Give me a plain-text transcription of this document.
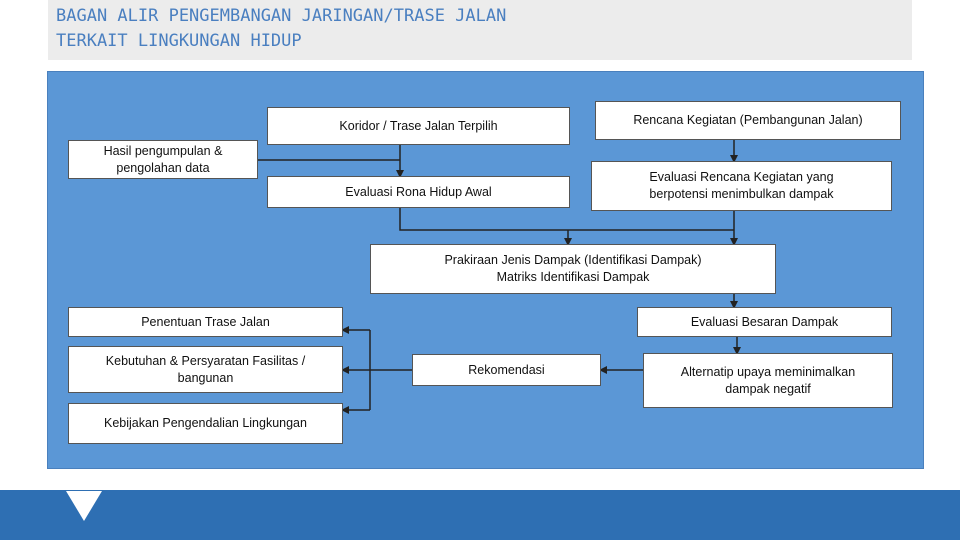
BAGAN ALIR PENGEMBANGAN JARINGAN/TRASE JALAN
TERKAIT LINGKUNGAN HIDUP
Koridor / Trase Jalan Terpilih	Rencana Kegiatan (Pembangunan Jalan)
Hasil pengumpulan &
pengolahan data
Evaluasi Rona Hidup Awal
Evaluasi Rencana Kegiatan yang
berpotensi menimbulkan dampak
Prakiraan Jenis Dampak (Identifikasi Dampak)
Matriks Identifikasi Dampak
Penentuan Trase Jalan	Evaluasi Besaran Dampak
Kebutuhan & Persyaratan Fasilitas /
bangunan
Rekomendasi	Alternatip upaya meminimalkan
dampak negatif
Kebijakan Pengendalian Lingkungan
